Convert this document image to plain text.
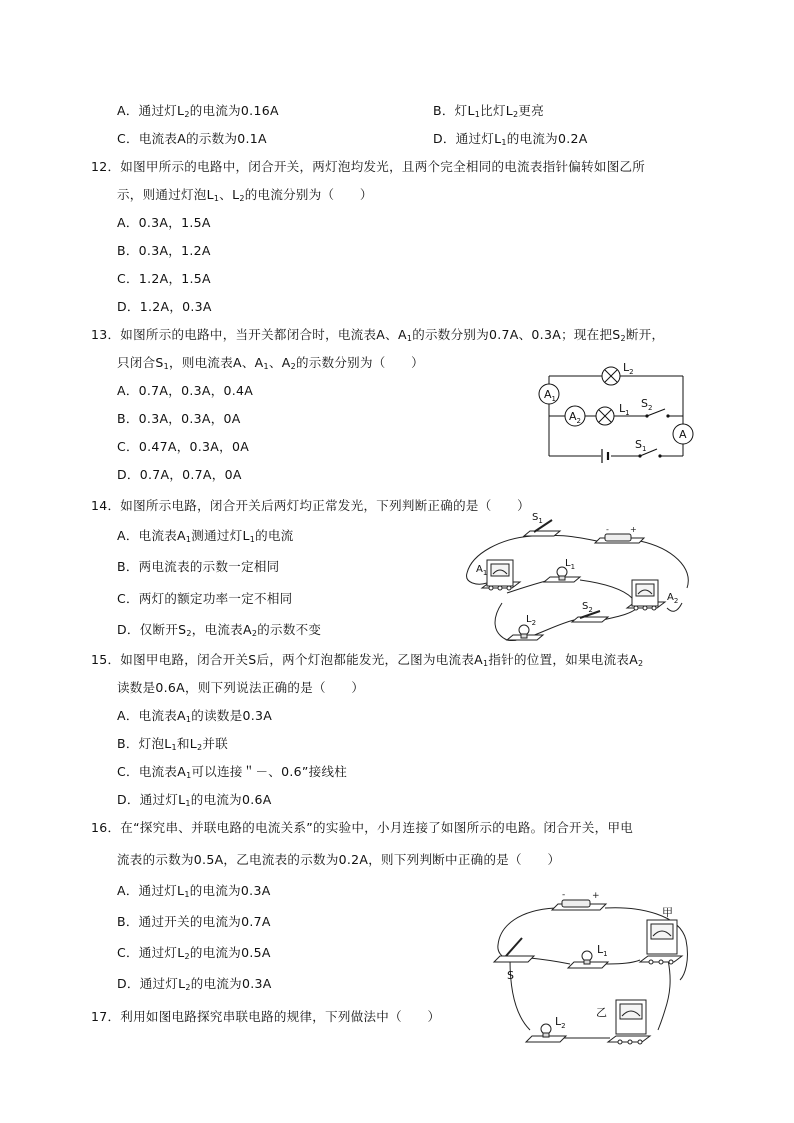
A．通过灯$L_2$的电流为0.16A	B．灯$L_1$比灯$L_2$更亮
C．电流表A的示数为0.1A	D．通过灯$L_1$的电流为0.2A
12．如图甲所示的电路中，闭合开关，两灯泡均发光，且两个完全相同的电流表指针偏转如图乙所
示，则通过灯泡$L_1$、$L_2$的电流分别为（　　）
A．0.3A，1.5A
B．0.3A，1.2A
C．1.2A，1.5A
D．1.2A，0.3A
13．如图所示的电路中，当开关都闭合时，电流表A、$A_1$的示数分别为0.7A、0.3A；现在把$S_2$断开，
只闭合$S_1$，则电流表A、$A_1$、$A_2$的示数分别为（　　）
A．0.7A，0.3A，0.4A
B．0.3A，0.3A，0A
C．0.47A，0.3A，0A
D．0.7A，0.7A，0A
$L_2$
$A_1$
$A_2$
$L_1$
$S_2$
$S_1$
A
14．如图所示电路，闭合开关后两灯均正常发光，下列判断正确的是（　　）
A．电流表$A_1$测通过灯$L_1$的电流
B．两电流表的示数一定相同
C．两灯的额定功率一定不相同
D．仅断开$S_2$，电流表$A_2$的示数不变
-	+
$S_1$
$L_1$
$A_1$
$A_2$
$S_2$
$L_2$
15．如图甲电路，闭合开关S后，两个灯泡都能发光，乙图为电流表$A_1$指针的位置，如果电流表$A_2$
读数是0.6A，则下列说法正确的是（　　）
A．电流表$A_1$的读数是0.3A
B．灯泡$L_1$和$L_2$并联
C．电流表$A_1$可以连接＂－、0.6”接线柱
D．通过灯$L_1$的电流为0.6A
16．在“探究串、并联电路的电流关系”的实验中，小月连接了如图所示的电路。闭合开关，甲电
流表的示数为0.5A，乙电流表的示数为0.2A，则下列判断中正确的是（　　）
A．通过灯$L_1$的电流为0.3A
B．通过开关的电流为0.7A
C．通过灯$L_2$的电流为0.5A
D．通过灯$L_2$的电流为0.3A
-	+
甲
乙
S
$L_1$
$L_2$
17．利用如图电路探究串联电路的规律，下列做法中（　　）
